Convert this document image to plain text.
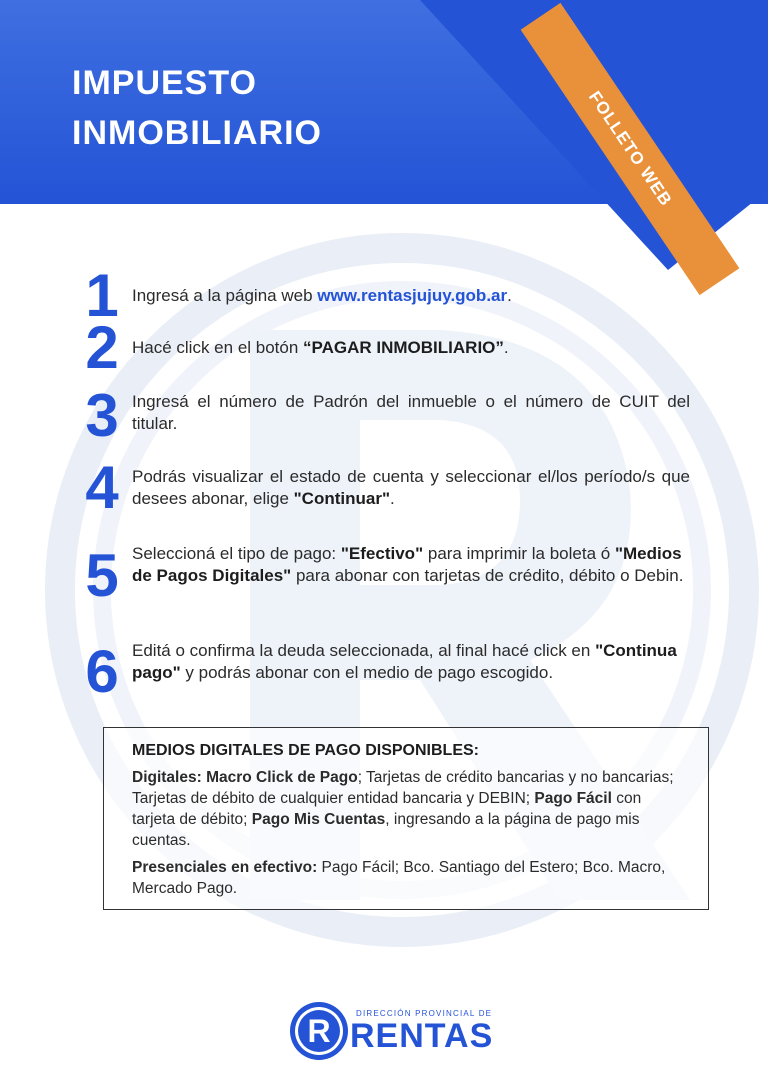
IMPUESTO
INMOBILIARIO	FOLLETO WEB
1 Ingresá a la página web www.rentasjujuy.gob.ar.

2 Hacé click en el botón “PAGAR INMOBILIARIO”.

3 Ingresá el número de Padrón del inmueble o el número de CUIT del titular.

4 Podrás visualizar el estado de cuenta y seleccionar el/los período/s que desees abonar, elige "Continuar".

5 Seleccioná el tipo de pago: "Efectivo" para imprimir la boleta ó "Medios de Pagos Digitales" para abonar con tarjetas de crédito, débito o Debin.

6 Editá o confirma la deuda seleccionada, al final hacé click en "Continua pago" y podrás abonar con el medio de pago escogido.

MEDIOS DIGITALES DE PAGO DISPONIBLES:

Digitales: Macro Click de Pago; Tarjetas de crédito bancarias y no bancarias; Tarjetas de débito de cualquier entidad bancaria y DEBIN; Pago Fácil con tarjeta de débito; Pago Mis Cuentas, ingresando a la página de pago mis cuentas.

Presenciales en efectivo: Pago Fácil; Bco. Santiago del Estero; Bco. Macro, Mercado Pago.

R	DIRECCIÓN PROVINCIAL DE
RENTAS
